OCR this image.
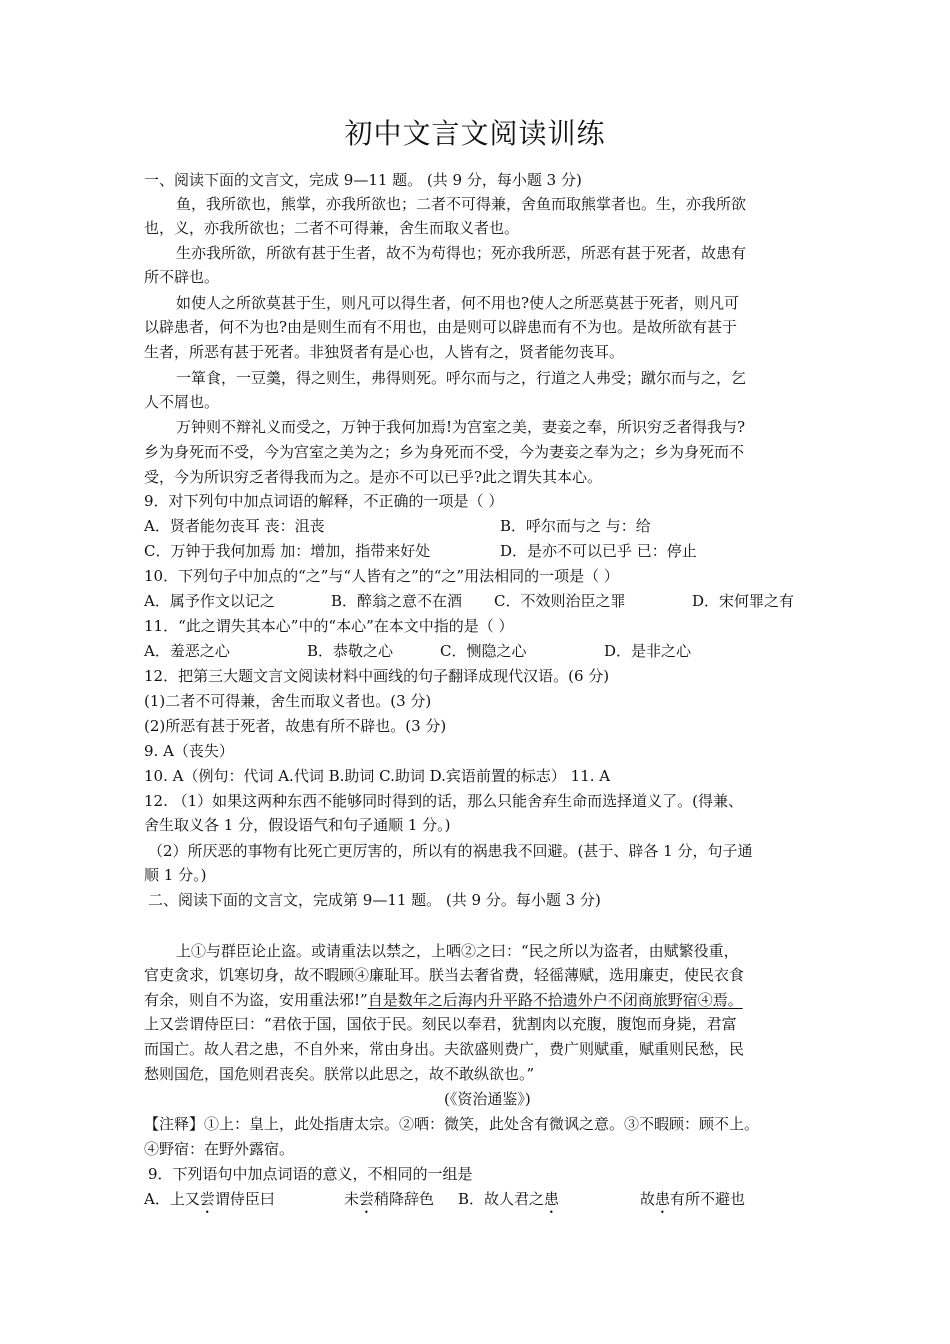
初中文言文阅读训练
一、阅读下面的文言文，完成 9—11 题。 (共 9 分，每小题 3 分)
鱼，我所欲也，熊掌，亦我所欲也；二者不可得兼，舍鱼而取熊掌者也。生，亦我所欲
也，义，亦我所欲也；二者不可得兼，舍生而取义者也。
生亦我所欲，所欲有甚于生者，故不为苟得也；死亦我所恶，所恶有甚于死者，故患有
所不辟也。
如使人之所欲莫甚于生，则凡可以得生者，何不用也?使人之所恶莫甚于死者，则凡可
以辟患者，何不为也?由是则生而有不用也，由是则可以辟患而有不为也。是故所欲有甚于
生者，所恶有甚于死者。非独贤者有是心也，人皆有之，贤者能勿丧耳。
一箪食，一豆羹，得之则生，弗得则死。呼尔而与之，行道之人弗受；蹴尔而与之，乞
人不屑也。
万钟则不辩礼义而受之，万钟于我何加焉!为宫室之美，妻妾之奉，所识穷乏者得我与?
乡为身死而不受，今为宫室之美为之；乡为身死而不受，今为妻妾之奉为之；乡为身死而不
受，今为所识穷乏者得我而为之。是亦不可以已乎?此之谓失其本心。
9．对下列句中加点词语的解释，不正确的一项是（ ）
A．贤者能勿丧耳 丧：沮丧	B．呼尔而与之 与：给
C．万钟于我何加焉 加：增加，指带来好处	D．是亦不可以已乎 已：停止
10．下列句子中加点的“之”与“人皆有之”的“之”用法相同的一项是（ ）
A．属予作文以记之	B．醉翁之意不在酒 C．不效则治臣之罪	D．宋何罪之有
11．“此之谓失其本心”中的“本心”在本文中指的是（ ）
A．羞恶之心	B．恭敬之心	C．恻隐之心	D．是非之心
12．把第三大题文言文阅读材料中画线的句子翻译成现代汉语。(6 分)
(1)二者不可得兼，舍生而取义者也。(3 分)
(2)所恶有甚于死者，故患有所不辟也。(3 分)
9. A（丧失）
10. A（例句：代词 A.代词 B.助词 C.助词 D.宾语前置的标志） 11. A
12. （1）如果这两种东西不能够同时得到的话，那么只能舍弃生命而选择道义了。(得兼、
舍生取义各 1 分，假设语气和句子通顺 1 分。)
（2）所厌恶的事物有比死亡更厉害的，所以有的祸患我不回避。(甚于、辟各 1 分，句子通
顺 1 分。)
二、阅读下面的文言文，完成第 9—11 题。 (共 9 分。每小题 3 分)
上①与群臣论止盗。或请重法以禁之，上哂②之曰：“民之所以为盗者，由赋繁役重，
官吏贪求，饥寒切身，故不暇顾④廉耻耳。朕当去奢省费，轻徭薄赋，选用廉吏，使民衣食
有余，则自不为盗，安用重法邪!”自是数年之后海内升平路不拾遗外户不闭商旅野宿④焉。
上又尝谓侍臣曰：“君依于国，国依于民。刻民以奉君，犹割肉以充腹，腹饱而身毙，君富
而国亡。故人君之患，不自外来，常由身出。夫欲盛则费广，费广则赋重，赋重则民愁，民
愁则国危，国危则君丧矣。朕常以此思之，故不敢纵欲也。”
(《资治通鉴》)
【注释】①上：皇上，此处指唐太宗。②哂：微笑，此处含有微讽之意。③不暇顾：顾不上。
④野宿：在野外露宿。
9．下列语句中加点词语的意义，不相同的一组是
A．上又尝谓侍臣曰	未尝稍降辞色 B．故人君之患	故患有所不避也
